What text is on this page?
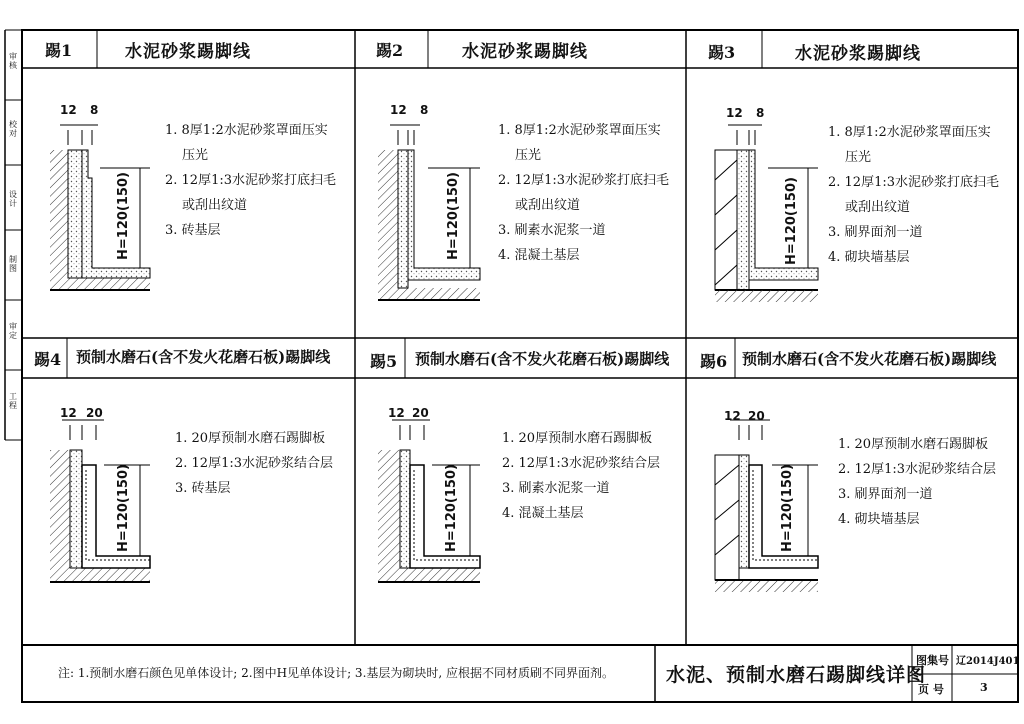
审核
校对
设计
制图
审定
工程
踢1	水泥砂浆踢脚线	踢2	水泥砂浆踢脚线	踢3	水泥砂浆踢脚线
12 8
H=120(150)
12 8
H=120(150)
12 8
H=120(150)
1. 8厚1:2水泥砂浆罩面压实
压光
2. 12厚1:3水泥砂浆打底扫毛
或刮出纹道
3. 砖基层
1. 8厚1:2水泥砂浆罩面压实
压光
2. 12厚1:3水泥砂浆打底扫毛
或刮出纹道
3. 刷素水泥浆一道
4. 混凝土基层
1. 8厚1:2水泥砂浆罩面压实
压光
2. 12厚1:3水泥砂浆打底扫毛
或刮出纹道
3. 刷界面剂一道
4. 砌块墙基层
踢4 预制水磨石(含不发火花磨石板)踢脚线 踢5 预制水磨石(含不发火花磨石板)踢脚线 踢6 预制水磨石(含不发火花磨石板)踢脚线
12 20
H=120(150)
12 20
H=120(150)
12 20
H=120(150)
1. 20厚预制水磨石踢脚板
2. 12厚1:3水泥砂浆结合层
3. 砖基层
1. 20厚预制水磨石踢脚板
2. 12厚1:3水泥砂浆结合层
3. 刷素水泥浆一道
4. 混凝土基层
1. 20厚预制水磨石踢脚板
2. 12厚1:3水泥砂浆结合层
3. 刷界面剂一道
4. 砌块墙基层
注: 1.预制水磨石颜色见单体设计; 2.图中H见单体设计; 3.基层为砌块时, 应根据不同材质刷不同界面剂。	水泥、预制水磨石踢脚线详图
图集号 辽2014J401
页 号	3
